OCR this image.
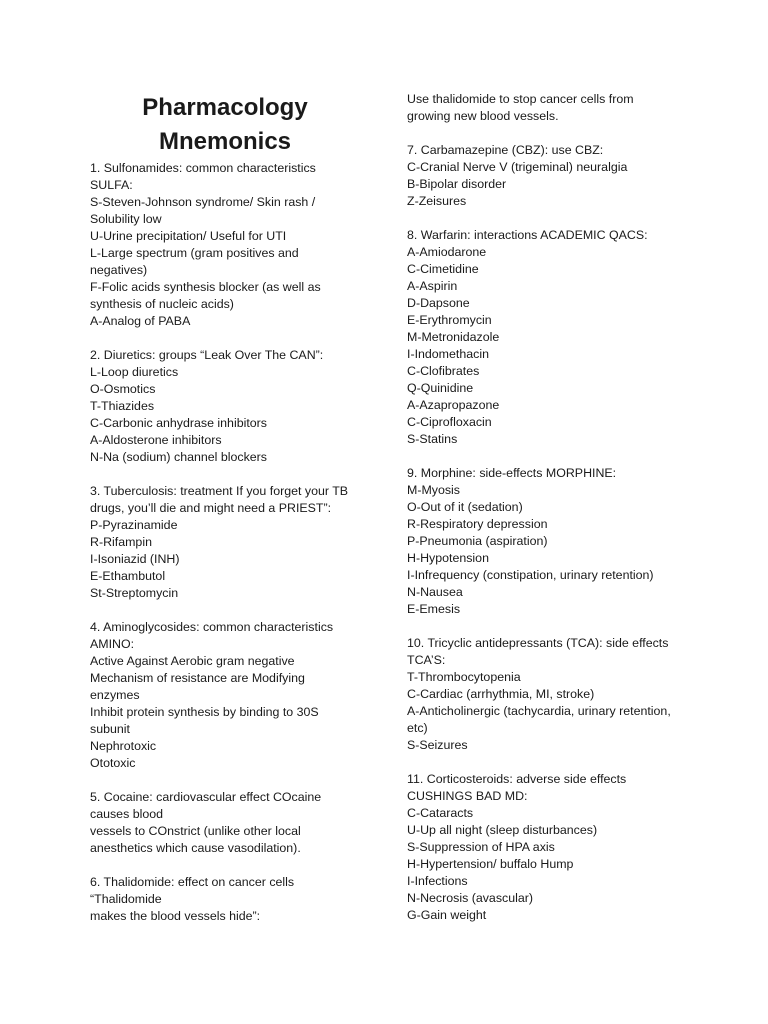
Pharmacology
Mnemonics
1. Sulfonamides: common characteristics
SULFA:
S-Steven-Johnson syndrome/ Skin rash /
Solubility low
U-Urine precipitation/ Useful for UTI
L-Large spectrum (gram positives and
negatives)
F-Folic acids synthesis blocker (as well as
synthesis of nucleic acids)
A-Analog of PABA
2. Diuretics: groups “Leak Over The CAN”:
L-Loop diuretics
O-Osmotics
T-Thiazides
C-Carbonic anhydrase inhibitors
A-Aldosterone inhibitors
N-Na (sodium) channel blockers
3. Tuberculosis: treatment If you forget your TB
drugs, you’ll die and might need a PRIEST”:
P-Pyrazinamide
R-Rifampin
I-Isoniazid (INH)
E-Ethambutol
St-Streptomycin
4. Aminoglycosides: common characteristics
AMINO:
Active Against Aerobic gram negative
Mechanism of resistance are Modifying
enzymes
Inhibit protein synthesis by binding to 30S
subunit
Nephrotoxic
Ototoxic
5. Cocaine: cardiovascular effect COcaine
causes blood
vessels to COnstrict (unlike other local
anesthetics which cause vasodilation).
6. Thalidomide: effect on cancer cells
“Thalidomide
makes the blood vessels hide”:
Use thalidomide to stop cancer cells from
growing new blood vessels.
7. Carbamazepine (CBZ): use CBZ:
C-Cranial Nerve V (trigeminal) neuralgia
B-Bipolar disorder
Z-Zeisures
8. Warfarin: interactions ACADEMIC QACS:
A-Amiodarone
C-Cimetidine
A-Aspirin
D-Dapsone
E-Erythromycin
M-Metronidazole
I-Indomethacin
C-Clofibrates
Q-Quinidine
A-Azapropazone
C-Ciprofloxacin
S-Statins
9. Morphine: side-effects MORPHINE:
M-Myosis
O-Out of it (sedation)
R-Respiratory depression
P-Pneumonia (aspiration)
H-Hypotension
I-Infrequency (constipation, urinary retention)
N-Nausea
E-Emesis
10. Tricyclic antidepressants (TCA): side effects
TCA’S:
T-Thrombocytopenia
C-Cardiac (arrhythmia, MI, stroke)
A-Anticholinergic (tachycardia, urinary retention,
etc)
S-Seizures
11. Corticosteroids: adverse side effects
CUSHINGS BAD MD:
C-Cataracts
U-Up all night (sleep disturbances)
S-Suppression of HPA axis
H-Hypertension/ buffalo Hump
I-Infections
N-Necrosis (avascular)
G-Gain weight
